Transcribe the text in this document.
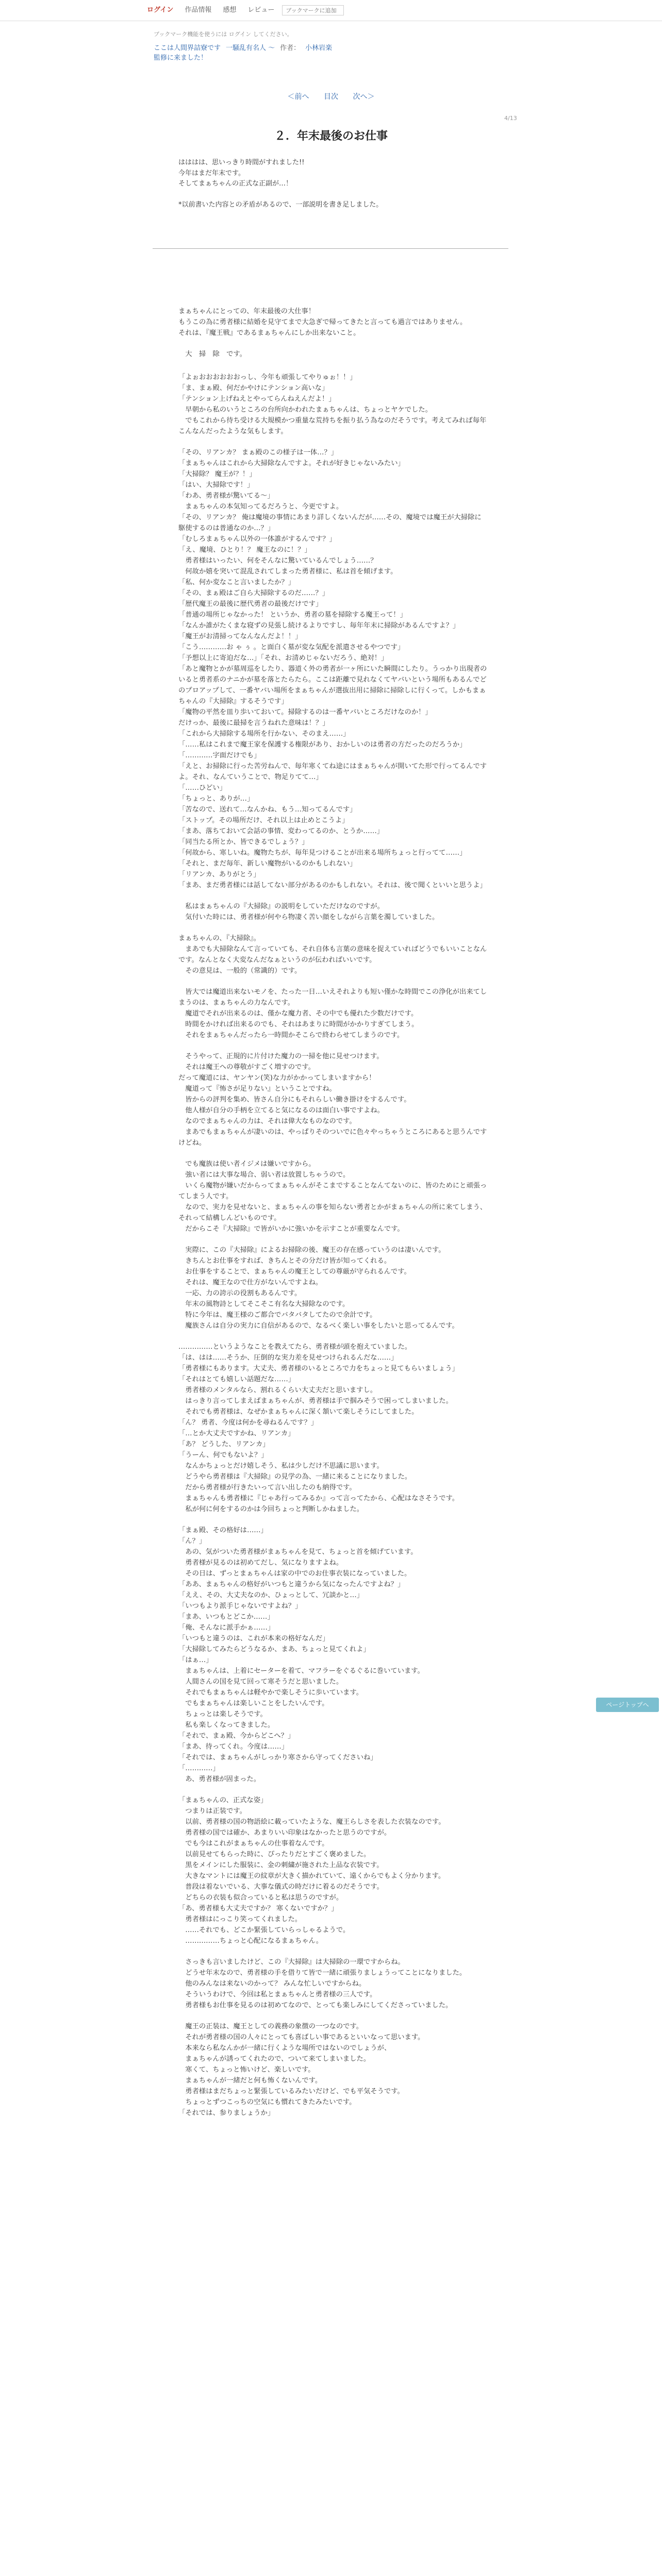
ログイン	作品情報	感想	レビュー
ブックマークに追加
ブックマーク機能を使うには ログイン してください。
ここは人間界詰寮です 一騒乱有名人 ～ 作者： 小林岩楽
監修に来ました！
＜前へ 目次 次へ＞
4/13
２．年末最後のお仕事

はははは、思いっきり時間がすれました!!

今年はまだ年末です。

そしてまぁちゃんの正式な正副が…！

*以前書いた内容との矛盾があるので、一部説明を書き足しました。

まぁちゃんにとっての、年末最後の大仕事！

もうこの為に勇者様に結婚を見守てまで大急ぎで帰ってきたと言っても過言ではありません。

それは、『魔王戦』であるまぁちゃんにしか出来ないこと。

　大　掃　除　です。

「よぉおおおおおおっし、今年も頑張してやりゅぉ！！」

「ま、まぁ殿、何だかやけにテンション高いな」

「テンション上げねえとやってらんねえんだよ！」

　早朝から私のいうところの台所向かわれたまぁちゃんは、ちょっとヤケでした。

　でもこれから待ち受ける大規模かつ重量な荒持ちを振り払う為なのだそうです。考えてみれば毎年こんなんだったような気もします。

「その、リアンカ？ まぁ殿のこの様子は一体…？」

「まぁちゃんはこれから大掃除なんですよ。それが好きじゃないみたい」

「大掃除？ 魔王が？！」

「はい、大掃除です！」

「わあ、勇者様が驚いてる～」

　まぁちゃんの本気知ってるだろうと、今更ですよ。

「その、リアンカ？ 俺は魔境の事情にあまり詳しくないんだが……その、魔境では魔王が大掃除に駆使するのは普通なのか…？」

「むしろまぁちゃん以外の一体誰がするんです？」

「え、魔境、ひとり！？ 魔王なのに！？」

　勇者様はいったい、何をそんなに驚いているんでしょう……？

　何故か嬉を突いて混乱されてしまった勇者様に、私は首を傾げます。

「私、何か変なこと言いましたか？」

「その、まぁ殿はご自ら大掃除するのだ……？」

「歴代魔王の最後に歴代勇者の最後だけです」

「普通の場所じゃなかった！ というか、勇者の墓を掃除する魔王って！」

「なんか誰がたくまな寝ずの見張し続けるよりですし、毎年年末に掃除があるんですよ？」

「魔王がお清掃ってなんなんだよ！！」

「こう…………お ゃ ぅ 。と面白く墓が変な気配を派遣させるやつです」

「予想以上に寄迫だな…」「それ、お清めじゃないだろう、絶対！」

「あと魔物とかが墓周巡をしたり、器道く外の勇者が一ヶ所にいた瞬間にしたり。うっかり出現者のいると勇者系のナニかが墓を落とたらたら。ここは距離で見れなくてヤバいという場所もあるんでどのプロアップして、一番ヤバい場所をまぁちゃんが選抜出用に掃除に掃除しに行くって。しかもまぁちゃんの『大掃除』するそうです」

「魔物の平然を皿り歩いておいて。掃除するのは一番ヤバいところだけなのか！」

だけっか、最後に最掃を言うねれた意味は！？」

「これから大掃除する場所を行かない、そのまえ……」

「……私はこれまで魔王家を保護する権限があり、おかしいのは勇者の方だったのだろうか」

「…………字面だけでも」

「えと、お掃除に行った苦労ねんで、毎年寒くてね途にはまぁちゃんが開いてた形で行ってるんですよ。それ、なんていうことで、物足りてて…」

「……ひどい」

「ちょっと、ありが…」

「苦なので、送れて…なんかね、もう…知ってるんです」

「ストップ。その場所だけ、それ以上は止めとこうよ」

「まあ、落ちておいて会話の事情、変わってるのか、とうか……」

「同当たる所とか、皆できるでしょう？」

「何故から、寒しいね。魔物たちが、毎年見つけることが出来る場所ちょっと行ってて……」

「それと、まだ毎年、新しい魔物がいるのかもしれない」

「リアンカ、ありがとう」

「まあ、まだ勇者様には話してない部分があるのかもしれない。それは、後で聞くといいと思うよ」

　私はまぁちゃんの『大掃除』の説明をしていただけなのですが。

　気付いた時には、勇者様が何やら物凄く苦い顔をしながら言葉を濁していました。

まぁちゃんの、『大掃除』。

　まあでも大掃除なんて言っていても、それ自体も言葉の意味を捉えていればどうでもいいことなんです。なんとなく大変なんだなぁというのが伝わればいいです。

　その意見は、一般的（常識的）です。

　皆大では魔道出来ないモノを、たった一日…いえそれよりも短い僅かな時間でこの浄化が出来てしまうのは、まぁちゃんの力なんです。

　魔道でそれが出来るのは、僅かな魔力者、その中でも優れた少数だけです。

　時間をかければ出来るのでも、それはあまりに時間がかかりすぎてしまう。

　それをまぁちゃんだったら一時間かそこらで終わらせてしまうのです。

　そうやって、正規的に片付けた魔力の一掃を他に見せつけます。

　それは魔王への尊敬がすごく増すのです。

だって魔道には、ヤンヤン(笑)な力がかかってしまいますから！

　魔道って『怖さが足りない』ということですね。

　皆からの評判を集め、皆さん自分にもそれらしい働き掛けをするんです。

　他人様が自分の手柄を立てると気になるのは面白い事ですよね。

　なのでまぁちゃんの力は、それは偉大なものなのです。

　まあでもまぁちゃんが凄いのは、やっぱりそのついでに色々やっちゃうところにあると思うんですけどね。

　でも魔族は使い者イジメは嫌いですから。

　強い者には大事な場合、弱い者は放置しちゃうので。

　いくら魔物が嫌いだからってまぁちゃんがそこまですることなんてないのに、皆のためにと頑張ってしまう人です。

　なので、実力を見せないと、まぁちゃんの事を知らない勇者とかがまぁちゃんの所に来てしまう、それって結構しんどいものです。

　だからこそ『大掃除』で皆がいかに強いかを示すことが重要なんです。

　実際に、この『大掃除』によるお掃除の後、魔王の存在感っていうのは凄いんです。

　きちんとお仕事をすれば、きちんとその分だけ皆が知ってくれる。

　お仕事をすることで、まぁちゃんの魔王としての尊厳が守られるんです。

　それは、魔王なので仕方がないんですよね。

　一応、力の誇示の役割もあるんです。

　年末の風物詩としてそこそこ有名な大掃除なのです。

　特に今年は、魔王様のご都合でバタバタしてたので余計です。

　魔族さんは自分の実力に自信があるので、なるべく楽しい事をしたいと思ってるんです。

……………というようなことを教えてたら、勇者様が頭を抱えていました。

「は、はは……そうか、圧倒的な実力差を見せつけられるんだな……」

「勇者様にもあります。大丈夫、勇者様のいるところで力をちょっと見てもらいましょう」

「それはとても嬉しい話題だな……」

　勇者様のメンタルなら、割れるくらい大丈夫だと思いますし。

　はっきり言ってしまえばまぁちゃんが、勇者様は手で掴みそうで困ってしまいました。

　それでも勇者様は、なぜかまぁちゃんに深く頷いて楽しそうにしてました。

「ん？ 勇者、今度は何かを尋ねるんです？」

「…とか大丈夫ですかね、リアンカ」

「あ？ どうした、リアンカ」

「うーん、何でもないよ？」

　なんかちょっとだけ嬉しそう、私は少しだけ不思議に思います。

　どうやら勇者様は『大掃除』の見学の為、一緒に来ることになりました。

　だから勇者様が行きたいって言い出したのも納得です。

　まぁちゃんも勇者様に『じゃあ行ってみるか』って言ってたから、心配はなさそうです。

　私が何に何をするのかは今回ちょっと判断しかねました。

「まぁ殿、その格好は……」

「ん？」

　あの、気がついた勇者様がまぁちゃんを見て、ちょっと首を傾げています。

　勇者様が見るのは初めてだし、気になりますよね。

　その日は、ずっとまぁちゃんは家の中でのお仕事衣装になっていました。

「ああ、まぁちゃんの格好がいつもと違うから気になったんですよね？」

「ええ、その、大丈夫なのか、ひょっとして、冗談かと…」

「いつもより派手じゃないですよね？」

「まあ、いつもとどこか……」

「俺、そんなに派手かぁ……」

「いつもと違うのは、これが本来の格好なんだ」

「大掃除してみたらどうなるか、まあ、ちょっと見てくれよ」

「はぁ…」

　まぁちゃんは、上着にセーターを着て、マフラーをぐるぐるに巻いています。

　人間さんの国を見て回って寒そうだと思いました。

　それでもまぁちゃんは軽やかで楽しそうに歩いています。

　でもまぁちゃんは楽しいことをしたいんです。

　ちょっとは楽しそうです。

　私も楽しくなってきました。

「それで、まぁ殿、今からどこへ？」

「まあ、待ってくれ。今度は……」

「それでは、まぁちゃんがしっかり寒さから守ってくださいね」

「…………」

　あ、勇者様が固まった。

「まぁちゃんの、正式な姿」

　つまりは正装です。

　以前、勇者様の国の物語絵に載っていたような、魔王らしさを表した衣装なのです。

　勇者様の国では確か、あまりいい印象はなかったと思うのですが。

　でも今はこれがまぁちゃんの仕事着なんです。

　以前見せてもらった時に、ぴったりだとすごく褒めました。

　黒をメインにした服装に、金の刺繍が施された上品な衣装です。

　大きなマントには魔王の紋章が大きく描かれていて、遠くからでもよく分かります。

　普段は着ないでいる、大事な儀式の時だけに着るのだそうです。

　どちらの衣装も似合っていると私は思うのですが。

「あ、勇者様も大丈夫ですか？ 寒くないですか？」

　勇者様はにっこり笑ってくれました。

　……それでも、どこか緊張していらっしゃるようで。

　……………ちょっと心配になるまぁちゃん。

　さっきも言いましたけど、この『大掃除』は大掃除の一環ですからね。

　どうせ年末なので、勇者様の手を借りて皆で一緒に頑張りましょうってことになりました。

　他のみんなは来ないのかって？ みんな忙しいですからね。

　そういうわけで、今回は私とまぁちゃんと勇者様の三人です。

　勇者様もお仕事を見るのは初めてなので、とっても楽しみにしてくださっていました。

　魔王の正装は、魔王としての義務の象徴の一つなのです。

　それが勇者様の国の人々にとっても喜ばしい事であるといいなって思います。

　本来なら私なんかが一緒に行くような場所ではないのでしょうが、

　まぁちゃんが誘ってくれたので、ついて来てしまいました。

　寒くて、ちょっと怖いけど、楽しいです。

　まぁちゃんが一緒だと何も怖くないんです。

　勇者様はまだちょっと緊張しているみたいだけど、でも平気そうです。

　ちょっとずつこっちの空気にも慣れてきたみたいです。

「それでは、参りましょうか」

ページトップへ
